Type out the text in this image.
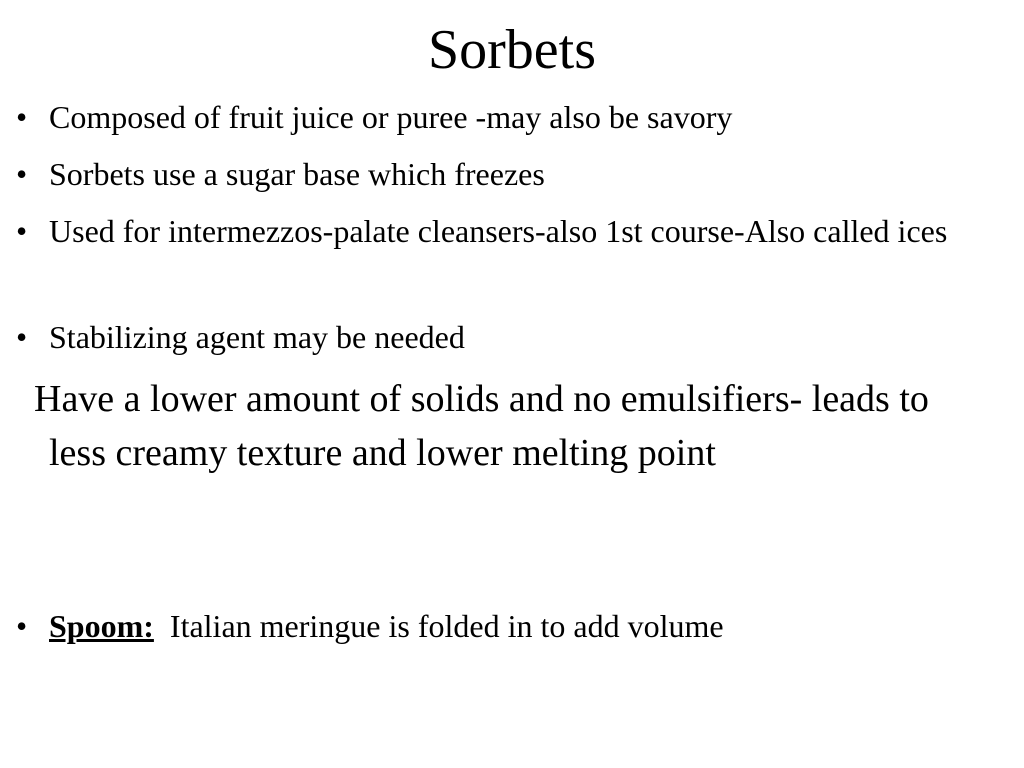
Sorbets
• Composed of fruit juice or puree -may also be savory
• Sorbets use a sugar base which freezes
• Used for intermezzos-palate cleansers-also 1st course-Also called ices
• Stabilizing agent may be needed
Have a lower amount of solids and no emulsifiers- leads to less creamy texture and lower melting point
• Spoom: Italian meringue is folded in to add volume
